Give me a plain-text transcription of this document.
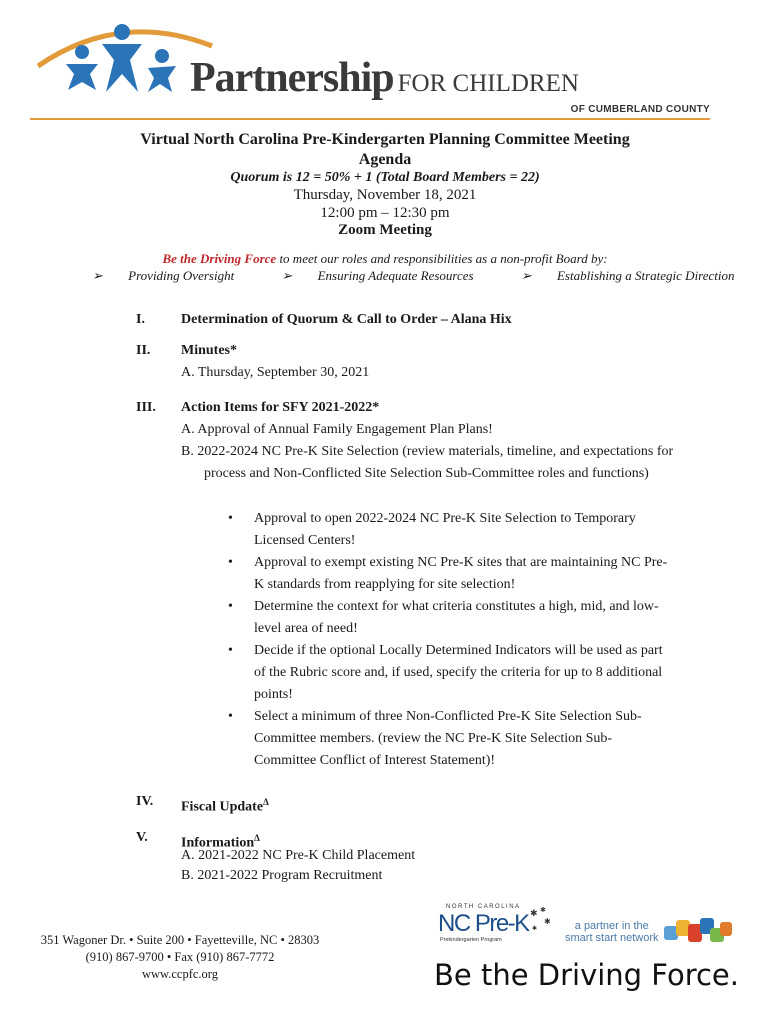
Partnership FOR CHILDREN
OF CUMBERLAND COUNTY
Virtual North Carolina Pre-Kindergarten Planning Committee Meeting
Agenda
Quorum is 12 = 50% + 1 (Total Board Members = 22)
Thursday, November 18, 2021
12:00 pm – 12:30 pm
Zoom Meeting
Be the Driving Force to meet our roles and responsibilities as a non-profit Board by:
➢ Providing Oversight	➢ Ensuring Adequate Resources	➢ Establishing a Strategic Direction
I.	Determination of Quorum & Call to Order – Alana Hix
II. Minutes*
A. Thursday, September 30, 2021
III. Action Items for SFY 2021-2022*
A. Approval of Annual Family Engagement Plan Plans!
B. 2022-2024 NC Pre-K Site Selection (review materials, timeline, and expectations for process and Non-Conflicted Site Selection Sub-Committee roles and functions)
• Approval to open 2022-2024 NC Pre-K Site Selection to Temporary Licensed Centers!
• Approval to exempt existing NC Pre-K sites that are maintaining NC Pre-K standards from reapplying for site selection!
• Determine the context for what criteria constitutes a high, mid, and low-level area of need!
• Decide if the optional Locally Determined Indicators will be used as part of the Rubric score and, if used, specify the criteria for up to 8 additional points!
• Select a minimum of three Non-Conflicted Pre-K Site Selection Sub-Committee members. (review the NC Pre-K Site Selection Sub-Committee Conflict of Interest Statement)!
IV. Fiscal Update$^\Delta$
V. Information$^\Delta$
A. 2021-2022 NC Pre-K Child Placement
B. 2021-2022 Program Recruitment
351 Wagoner Dr. • Suite 200 • Fayetteville, NC • 28303
(910) 867-9700 • Fax (910) 867-7772
www.ccpfc.org
NORTH CAROLINA
NC Pre-K
Prekindergarten Program
✱ ✱
✱
✱	a partner in the
smart start network
Be the Driving Force.
